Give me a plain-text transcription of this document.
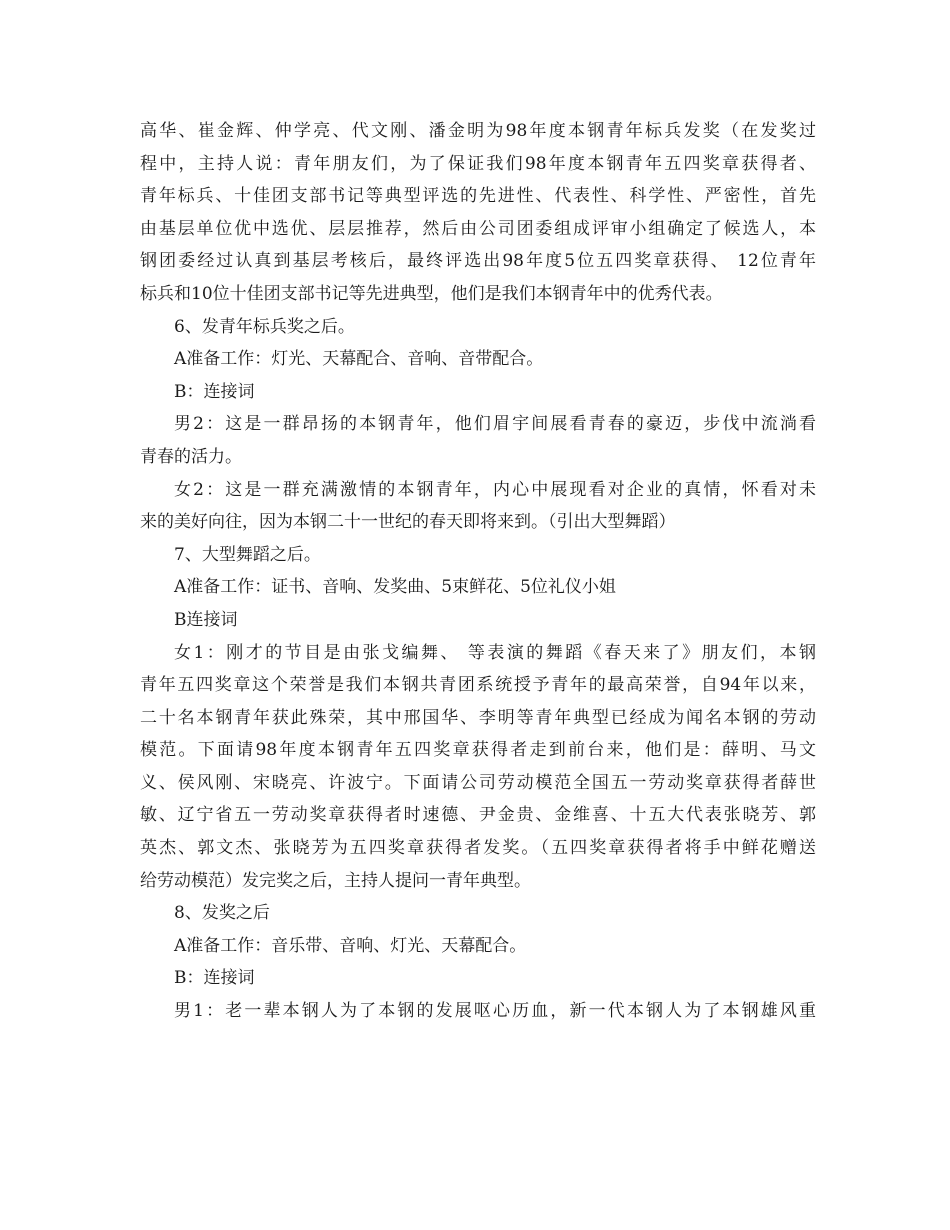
高华、崔金辉、仲学亮、代文刚、潘金明为98年度本钢青年标兵发奖（在发奖过
程中，主持人说：青年朋友们，为了保证我们98年度本钢青年五四奖章获得者、
青年标兵、十佳团支部书记等典型评选的先进性、代表性、科学性、严密性，首先
由基层单位优中选优、层层推荐，然后由公司团委组成评审小组确定了候选人，本
钢团委经过认真到基层考核后，最终评选出98年度5位五四奖章获得、 12位青年
标兵和10位十佳团支部书记等先进典型，他们是我们本钢青年中的优秀代表。
6、发青年标兵奖之后。
A准备工作：灯光、天幕配合、音响、音带配合。
B：连接词
男2：这是一群昂扬的本钢青年，他们眉宇间展看青春的豪迈，步伐中流淌看
青春的活力。
女2：这是一群充满激情的本钢青年，内心中展现看对企业的真情，怀看对未
来的美好向往，因为本钢二十一世纪的春天即将来到。（引出大型舞蹈）
7、大型舞蹈之后。
A准备工作：证书、音响、发奖曲、5束鲜花、5位礼仪小姐
B连接词
女1：刚才的节目是由张戈编舞、 等表演的舞蹈《春天来了》朋友们，本钢
青年五四奖章这个荣誉是我们本钢共青团系统授予青年的最高荣誉，自94年以来，
二十名本钢青年获此殊荣，其中邢国华、李明等青年典型已经成为闻名本钢的劳动
模范。下面请98年度本钢青年五四奖章获得者走到前台来，他们是：薛明、马文
义、侯风刚、宋晓亮、许波宁。下面请公司劳动模范全国五一劳动奖章获得者薛世
敏、辽宁省五一劳动奖章获得者时速德、尹金贵、金维喜、十五大代表张晓芳、郭
英杰、郭文杰、张晓芳为五四奖章获得者发奖。（五四奖章获得者将手中鲜花赠送
给劳动模范）发完奖之后，主持人提问一青年典型。
8、发奖之后
A准备工作：音乐带、音响、灯光、天幕配合。
B：连接词
男1：老一辈本钢人为了本钢的发展呕心历血，新一代本钢人为了本钢雄风重
